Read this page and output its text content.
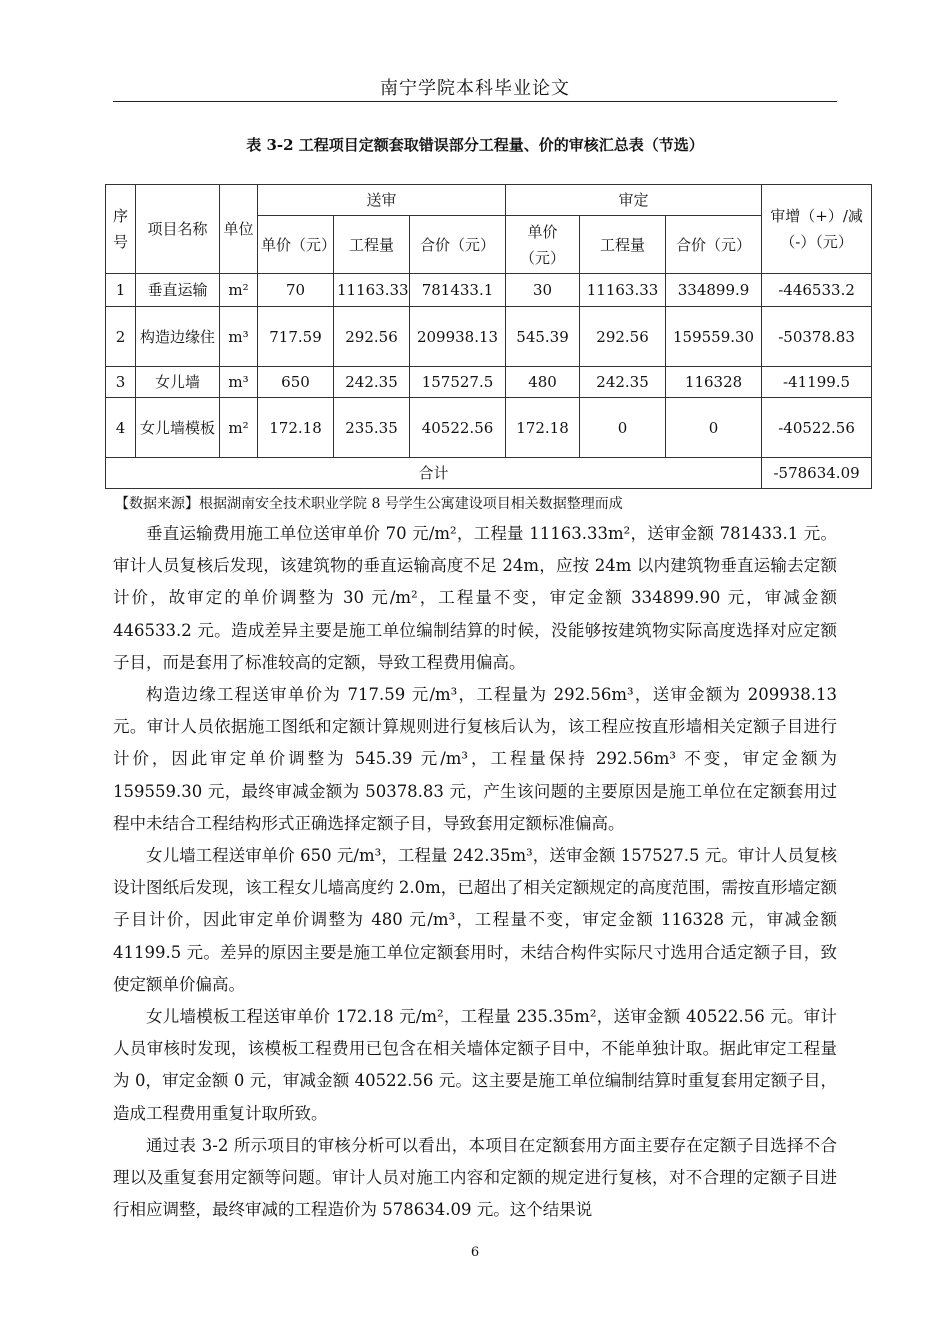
南宁学院本科毕业论文
表 3-2 工程项目定额套取错误部分工程量、价的审核汇总表（节选）
序号	项目名称	单位	送审			审定			审增（+）/减（-）（元）
			单价（元）	工程量	合价（元）	单价（元）	工程量	合价（元）	
1	垂直运输	m²	70	11163.33	781433.1	30	11163.33	334899.9	-446533.2
2	构造边缘住	m³	717.59	292.56	209938.13	545.39	292.56	159559.30	-50378.83
3	女儿墙	m³	650	242.35	157527.5	480	242.35	116328	-41199.5
4	女儿墙模板	m²	172.18	235.35	40522.56	172.18	0	0	-40522.56
合计									-578634.09
【数据来源】根据湖南安全技术职业学院 8 号学生公寓建设项目相关数据整理而成

垂直运输费用施工单位送审单价 70 元/m²，工程量 11163.33m²，送审金额 781433.1 元。审计人员复核后发现，该建筑物的垂直运输高度不足 24m，应按 24m 以内建筑物垂直运输去定额计价，故审定的单价调整为 30 元/m²，工程量不变，审定金额 334899.90 元，审减金额 446533.2 元。造成差异主要是施工单位编制结算的时候，没能够按建筑物实际高度选择对应定额子目，而是套用了标准较高的定额，导致工程费用偏高。

构造边缘工程送审单价为 717.59 元/m³，工程量为 292.56m³，送审金额为 209938.13 元。审计人员依据施工图纸和定额计算规则进行复核后认为，该工程应按直形墙相关定额子目进行计价，因此审定单价调整为 545.39 元/m³，工程量保持 292.56m³ 不变，审定金额为 159559.30 元，最终审减金额为 50378.83 元，产生该问题的主要原因是施工单位在定额套用过程中未结合工程结构形式正确选择定额子目，导致套用定额标准偏高。

女儿墙工程送审单价 650 元/m³，工程量 242.35m³，送审金额 157527.5 元。审计人员复核设计图纸后发现，该工程女儿墙高度约 2.0m，已超出了相关定额规定的高度范围，需按直形墙定额子目计价，因此审定单价调整为 480 元/m³，工程量不变，审定金额 116328 元，审减金额 41199.5 元。差异的原因主要是施工单位定额套用时，未结合构件实际尺寸选用合适定额子目，致使定额单价偏高。

女儿墙模板工程送审单价 172.18 元/m²，工程量 235.35m²，送审金额 40522.56 元。审计人员审核时发现，该模板工程费用已包含在相关墙体定额子目中，不能单独计取。据此审定工程量为 0，审定金额 0 元，审减金额 40522.56 元。这主要是施工单位编制结算时重复套用定额子目，造成工程费用重复计取所致。

通过表 3-2 所示项目的审核分析可以看出，本项目在定额套用方面主要存在定额子目选择不合理以及重复套用定额等问题。审计人员对施工内容和定额的规定进行复核，对不合理的定额子目进行相应调整，最终审减的工程造价为 578634.09 元。这个结果说

6
